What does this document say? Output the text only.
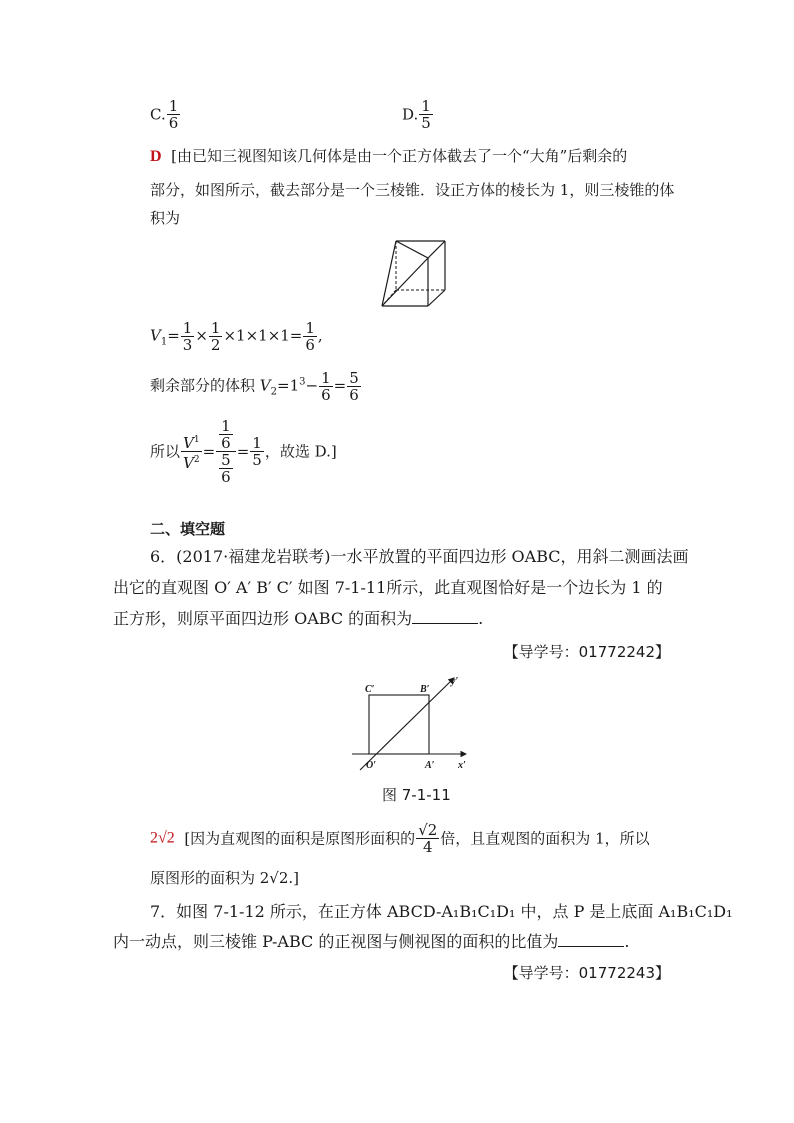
C. $\frac{1}{6}$	D. $\frac{1}{5}$
D [由已知三视图知该几何体是由一个正方体截去了一个“大角”后剩余的
部分，如图所示，截去部分是一个三棱锥．设正方体的棱长为 1，则三棱锥的体
积为
$V_1= \frac{1}{3} \times \frac{1}{2} \times 1\times 1\times 1= \frac{1}{6}$ ,
剩余部分的体积 $V_2=1^3- \frac{1}{6} = \frac{5}{6}$
所以 $\frac{V^1}{V^2} = \frac{\frac{1}{6}}{\frac{5}{6}} = \frac{1}{5}$ ，故选 D.]
二、填空题
6．(2017·福建龙岩联考)一水平放置的平面四边形 OABC，用斜二测画法画
出它的直观图 O′ A′ B′ C′ 如图 7-1-11所示，此直观图恰好是一个边长为 1 的
正方形，则原平面四边形 OABC 的面积为	.
【导学号：01772242】
C′	B′
y′
O′	A′ x′
图 7-1-11
2√2 [因为直观图的面积是原图形面积的 $\frac{√2}{4}$ 倍，且直观图的面积为 1，所以
原图形的面积为 2√2.]
7．如图 7-1-12 所示，在正方体 ABCD-A₁B₁C₁D₁ 中，点 P 是上底面 A₁B₁C₁D₁
内一动点，则三棱锥 P-ABC 的正视图与侧视图的面积的比值为	.
【导学号：01772243】
